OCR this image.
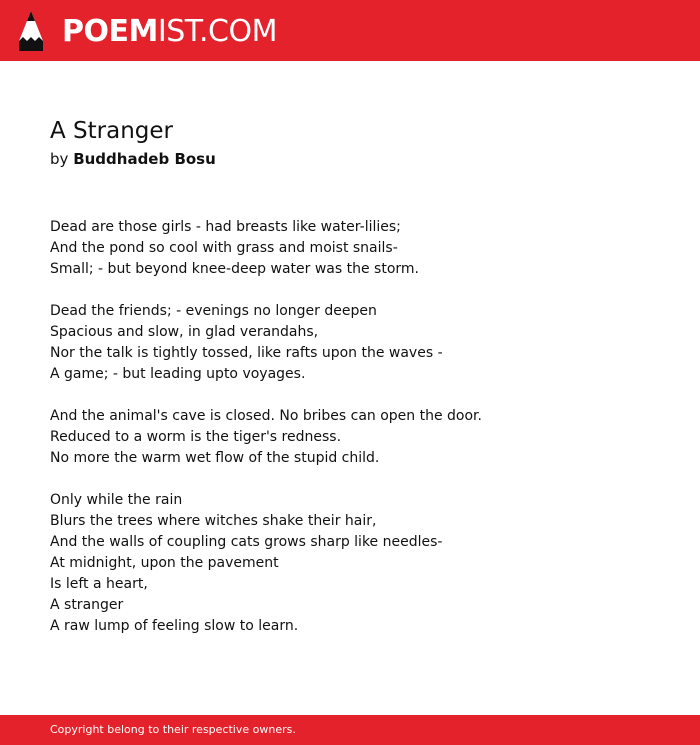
POEMIST.COM
A Stranger

by Buddhadeb Bosu

Dead are those girls - had breasts like water-lilies;
And the pond so cool with grass and moist snails-
Small; - but beyond knee-deep water was the storm.

Dead the friends; - evenings no longer deepen
Spacious and slow, in glad verandahs,
Nor the talk is tightly tossed, like rafts upon the waves -
A game; - but leading upto voyages.

And the animal's cave is closed. No bribes can open the door.
Reduced to a worm is the tiger's redness.
No more the warm wet flow of the stupid child.

Only while the rain
Blurs the trees where witches shake their hair,
And the walls of coupling cats grows sharp like needles-
At midnight, upon the pavement
Is left a heart,
A stranger
A raw lump of feeling slow to learn.

Copyright belong to their respective owners.
